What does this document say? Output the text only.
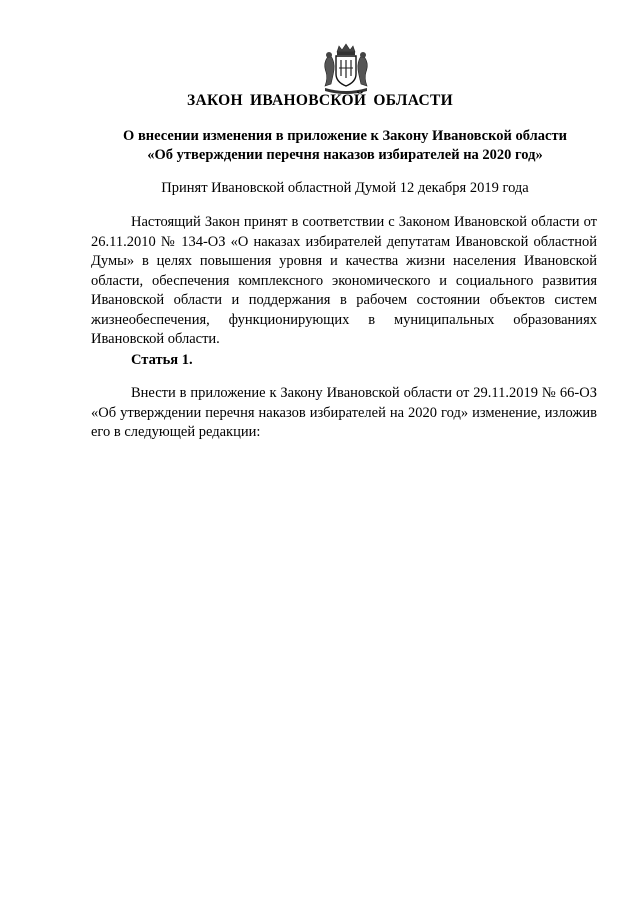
ЗАКОН ИВАНОВСКОЙ ОБЛАСТИ
О внесении изменения в приложение к Закону Ивановской области
«Об утверждении перечня наказов избирателей на 2020 год»
Принят Ивановской областной Думой 12 декабря 2019 года

Настоящий Закон принят в соответствии с Законом Ивановской области от 26.11.2010 № 134-ОЗ «О наказах избирателей депутатам Ивановской областной Думы» в целях повышения уровня и качества жизни населения Ивановской области, обеспечения комплексного экономического и социального развития Ивановской области и поддержания в рабочем состоянии объектов систем жизнеобеспечения, функционирующих в муниципальных образованиях Ивановской области.

Статья 1.

Внести в приложение к Закону Ивановской области от 29.11.2019 № 66-ОЗ «Об утверждении перечня наказов избирателей на 2020 год» изменение, изложив его в следующей редакции:
